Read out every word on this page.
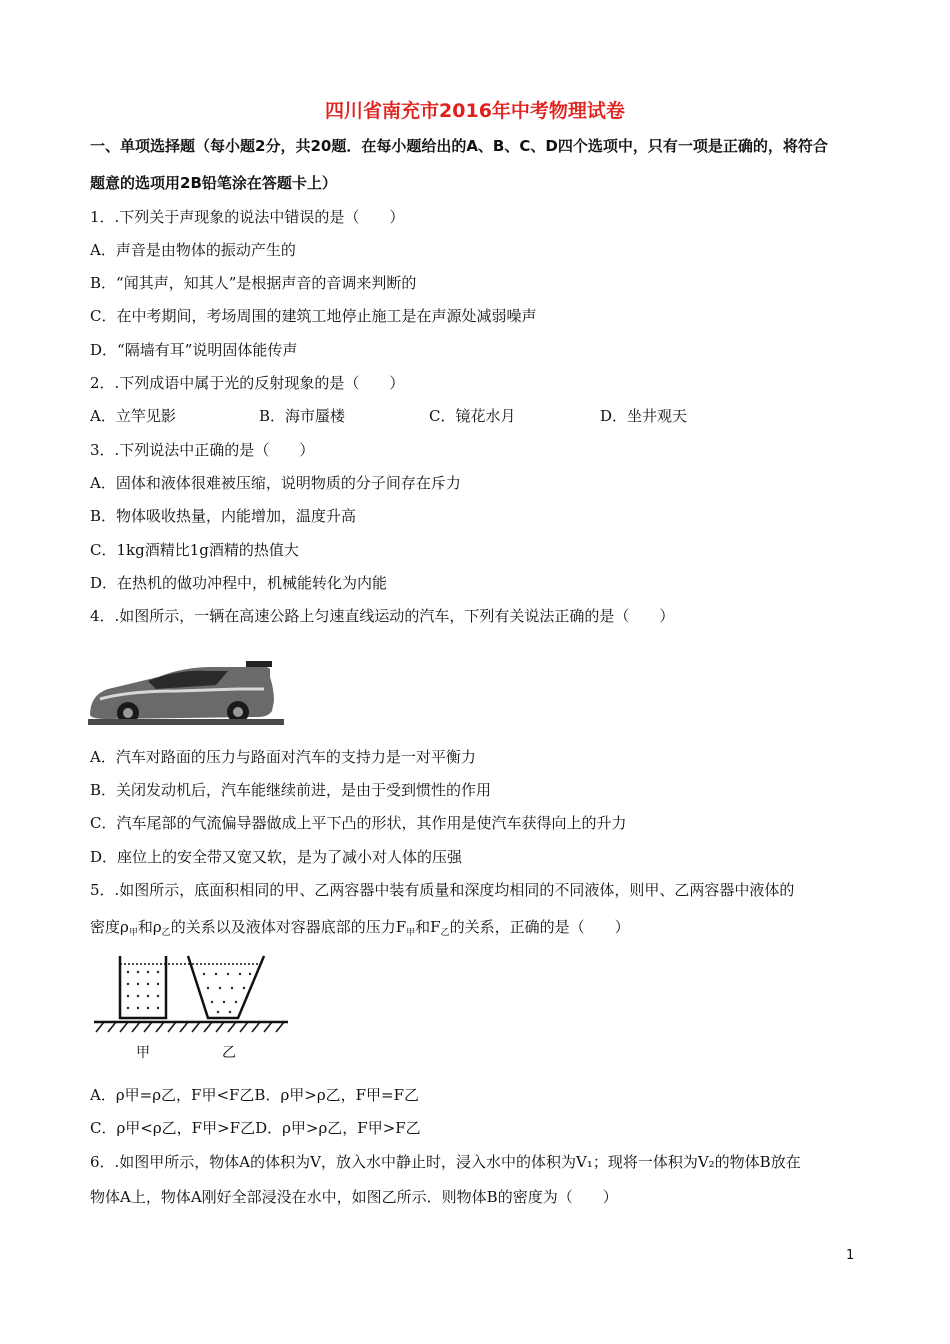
四川省南充市2016年中考物理试卷
一、单项选择题（每小题2分，共20题．在每小题给出的A、B、C、D四个选项中，只有一项是正确的，将符合
题意的选项用2B铅笔涂在答题卡上）
1．.下列关于声现象的说法中错误的是（　　）
A．声音是由物体的振动产生的
B．“闻其声，知其人”是根据声音的音调来判断的
C．在中考期间，考场周围的建筑工地停止施工是在声源处减弱噪声
D．“隔墙有耳”说明固体能传声
2．.下列成语中属于光的反射现象的是（　　）
A．立竿见影	B．海市蜃楼	C．镜花水月	D．坐井观天
3．.下列说法中正确的是（　　）
A．固体和液体很难被压缩，说明物质的分子间存在斥力
B．物体吸收热量，内能增加，温度升高
C．1kg酒精比1g酒精的热值大
D．在热机的做功冲程中，机械能转化为内能
4．.如图所示，一辆在高速公路上匀速直线运动的汽车，下列有关说法正确的是（　　）
A．汽车对路面的压力与路面对汽车的支持力是一对平衡力
B．关闭发动机后，汽车能继续前进，是由于受到惯性的作用
C．汽车尾部的气流偏导器做成上平下凸的形状，其作用是使汽车获得向上的升力
D．座位上的安全带又宽又软，是为了减小对人体的压强
5．.如图所示，底面积相同的甲、乙两容器中装有质量和深度均相同的不同液体，则甲、乙两容器中液体的
密度$\rho_甲$和$\rho_乙$的关系以及液体对容器底部的压力$F_甲$和$F_乙$的关系，正确的是（　　）
甲	乙
A．ρ甲=ρ乙，F甲<F乙B．ρ甲>ρ乙，F甲=F乙
C．ρ甲<ρ乙，F甲>F乙D．ρ甲>ρ乙，F甲>F乙
6．.如图甲所示，物体A的体积为V，放入水中静止时，浸入水中的体积为V₁；现将一体积为V₂的物体B放在
物体A上，物体A刚好全部浸没在水中，如图乙所示．则物体B的密度为（　　）
1
